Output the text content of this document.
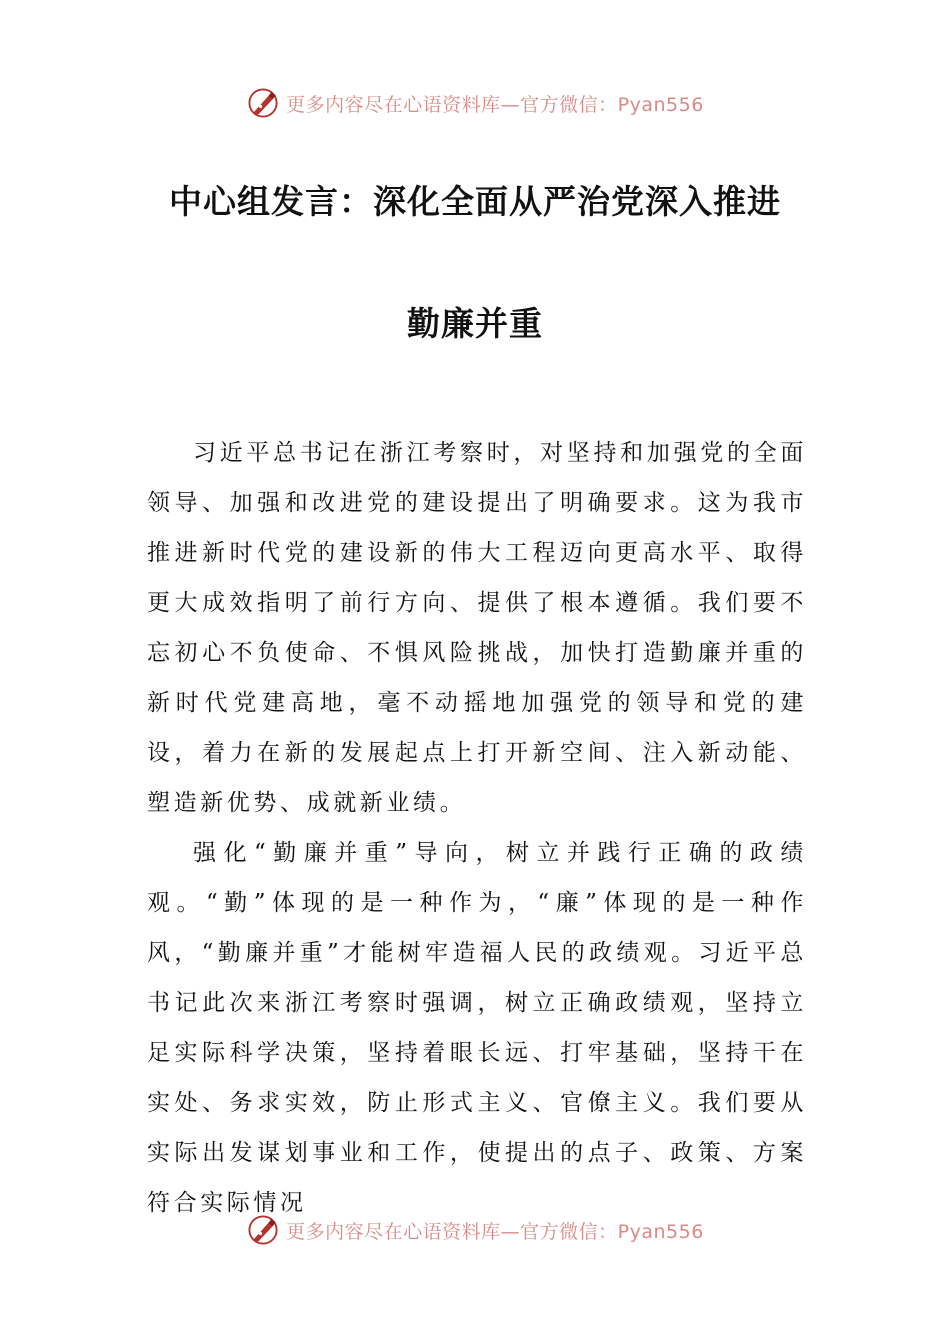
更多内容尽在心语资料库—官方微信：Pyan556
中心组发言：深化全面从严治党深入推进
勤廉并重

习近平总书记在浙江考察时，对坚持和加强党的全面领导、加强和改进党的建设提出了明确要求。这为我市推进新时代党的建设新的伟大工程迈向更高水平、取得更大成效指明了前行方向、提供了根本遵循。我们要不忘初心不负使命、不惧风险挑战，加快打造勤廉并重的新时代党建高地，毫不动摇地加强党的领导和党的建设，着力在新的发展起点上打开新空间、注入新动能、塑造新优势、成就新业绩。

强化“勤廉并重”导向，树立并践行正确的政绩观。“勤”体现的是一种作为，“廉”体现的是一种作风，“勤廉并重”才能树牢造福人民的政绩观。习近平总书记此次来浙江考察时强调，树立正确政绩观，坚持立足实际科学决策，坚持着眼长远、打牢基础，坚持干在实处、务求实效，防止形式主义、官僚主义。我们要从实际出发谋划事业和工作，使提出的点子、政策、方案符合实际情况

更多内容尽在心语资料库—官方微信：Pyan556
